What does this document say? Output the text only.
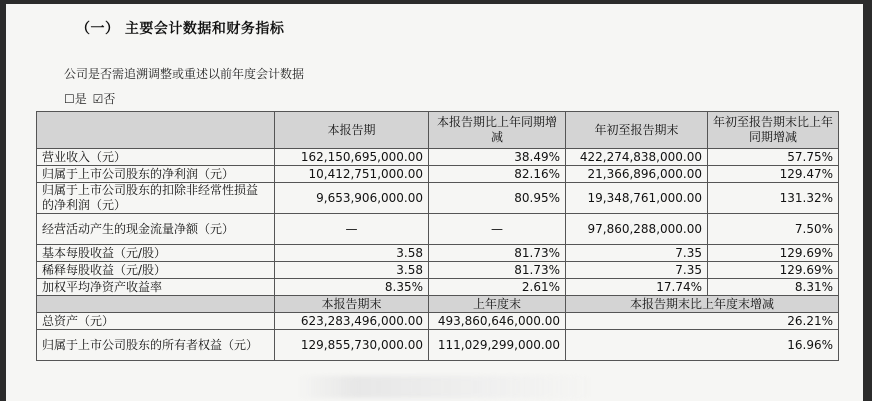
（一） 主要会计数据和财务指标
公司是否需追溯调整或重述以前年度会计数据
☐是 ☑否
	本报告期	本报告期比上年同期增减	年初至报告期末	年初至报告期末比上年同期增减
营业收入（元）	162,150,695,000.00	38.49%	422,274,838,000.00	57.75%
归属于上市公司股东的净利润（元）	10,412,751,000.00	82.16%	21,366,896,000.00	129.47%
归属于上市公司股东的扣除非经常性损益的净利润（元）	9,653,906,000.00	80.95%	19,348,761,000.00	131.32%
经营活动产生的现金流量净额（元）	—	—	97,860,288,000.00	7.50%
基本每股收益（元/股）	3.58	81.73%	7.35	129.69%
稀释每股收益（元/股）	3.58	81.73%	7.35	129.69%
加权平均净资产收益率	8.35%	2.61%	17.74%	8.31%
	本报告期末	上年度末	本报告期末比上年度末增减	
总资产（元）	623,283,496,000.00	493,860,646,000.00	26.21%	
归属于上市公司股东的所有者权益（元）	129,855,730,000.00	111,029,299,000.00	16.96%	
